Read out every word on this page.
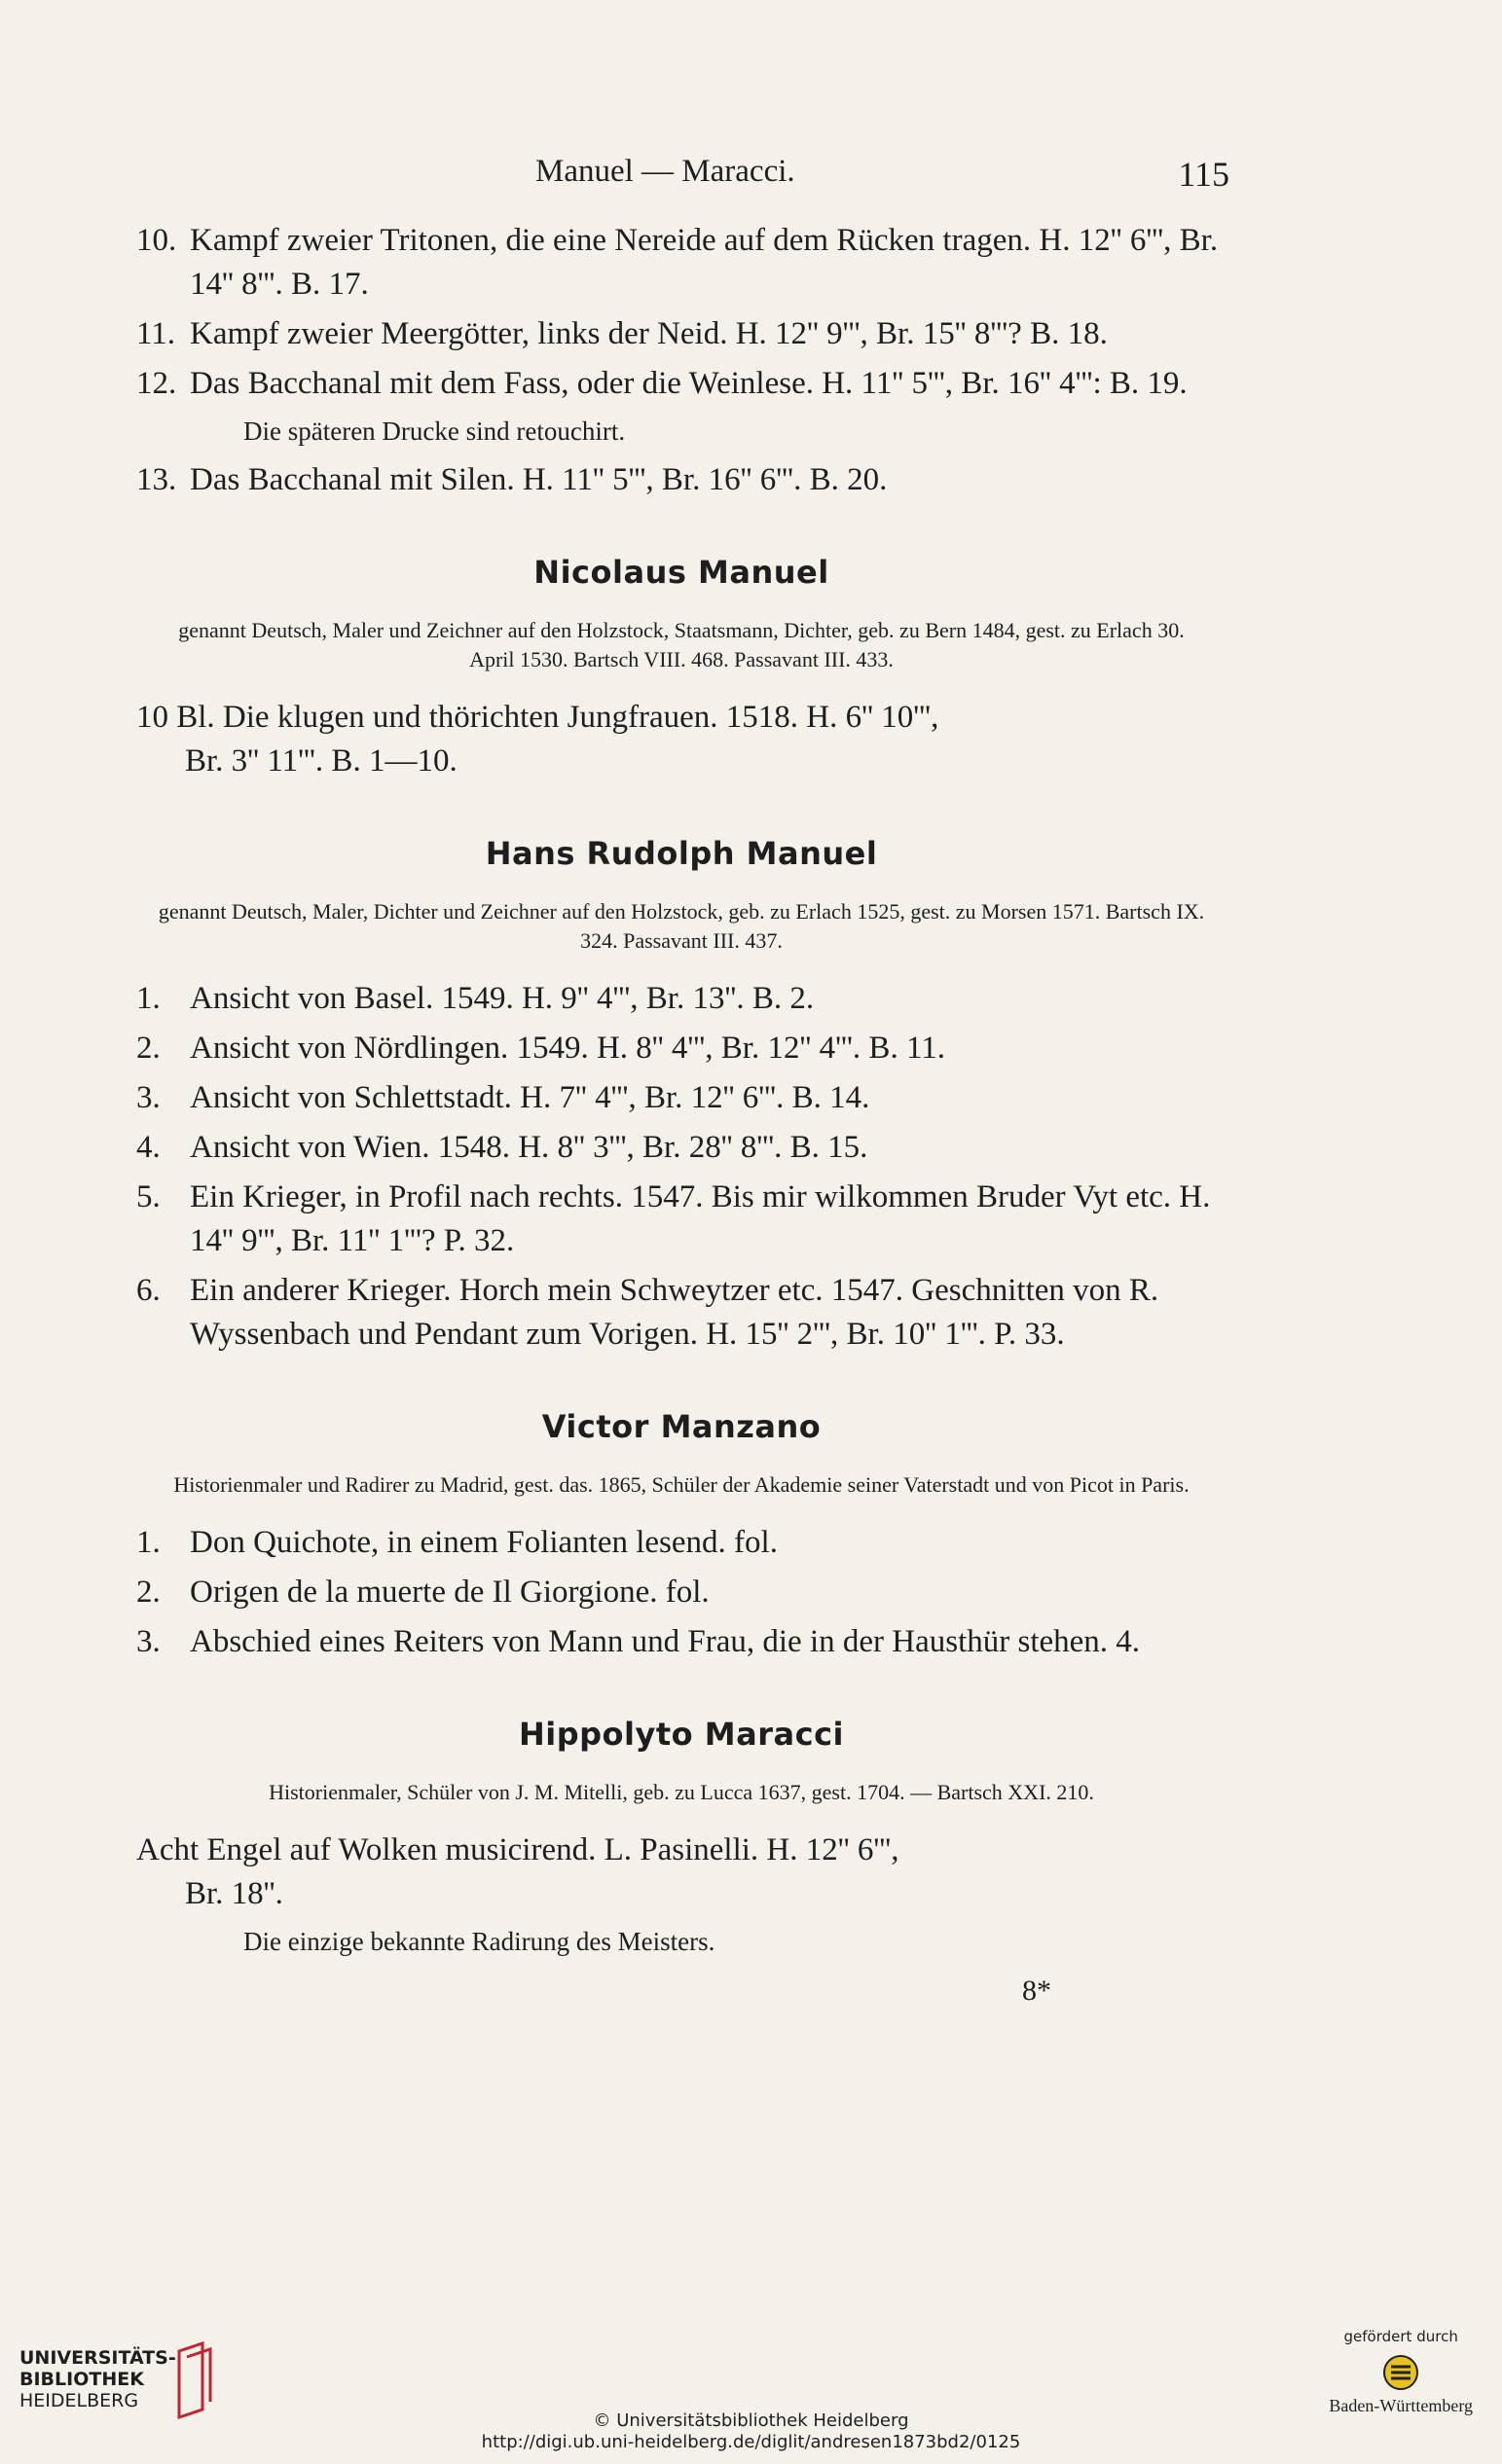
Manuel — Maracci.	115
10. Kampf zweier Tritonen, die eine Nereide auf dem Rücken tragen. H. 12'' 6''', Br. 14'' 8'''. B. 17.
11. Kampf zweier Meergötter, links der Neid. H. 12'' 9''', Br. 15'' 8'''? B. 18.
12. Das Bacchanal mit dem Fass, oder die Weinlese. H. 11'' 5''', Br. 16'' 4''': B. 19.
Die späteren Drucke sind retouchirt.
13. Das Bacchanal mit Silen. H. 11'' 5''', Br. 16'' 6'''. B. 20.
Nicolaus Manuel
genannt Deutsch, Maler und Zeichner auf den Holzstock, Staatsmann, Dichter, geb. zu Bern 1484, gest. zu Erlach 30. April 1530. Bartsch VIII. 468. Passavant III. 433.
10 Bl. Die klugen und thörichten Jungfrauen. 1518. H. 6'' 10''',
Br. 3'' 11'''. B. 1—10.
Hans Rudolph Manuel
genannt Deutsch, Maler, Dichter und Zeichner auf den Holzstock, geb. zu Erlach 1525, gest. zu Morsen 1571. Bartsch IX. 324. Passavant III. 437.
1. Ansicht von Basel. 1549. H. 9'' 4''', Br. 13''. B. 2.
2. Ansicht von Nördlingen. 1549. H. 8'' 4''', Br. 12'' 4'''. B. 11.
3. Ansicht von Schlettstadt. H. 7'' 4''', Br. 12'' 6'''. B. 14.
4. Ansicht von Wien. 1548. H. 8'' 3''', Br. 28'' 8'''. B. 15.
5. Ein Krieger, in Profil nach rechts. 1547. Bis mir wilkommen Bruder Vyt etc. H. 14'' 9''', Br. 11'' 1'''? P. 32.
6. Ein anderer Krieger. Horch mein Schweytzer etc. 1547. Geschnitten von R. Wyssenbach und Pendant zum Vorigen. H. 15'' 2''', Br. 10'' 1'''. P. 33.
Victor Manzano
Historienmaler und Radirer zu Madrid, gest. das. 1865, Schüler der Akademie seiner Vaterstadt und von Picot in Paris.
1. Don Quichote, in einem Folianten lesend. fol.
2. Origen de la muerte de Il Giorgione. fol.
3. Abschied eines Reiters von Mann und Frau, die in der Hausthür stehen. 4.
Hippolyto Maracci
Historienmaler, Schüler von J. M. Mitelli, geb. zu Lucca 1637, gest. 1704. — Bartsch XXI. 210.
Acht Engel auf Wolken musicirend. L. Pasinelli. H. 12'' 6''',
Br. 18''.
Die einzige bekannte Radirung des Meisters.
8*
UNIVERSITÄTS-
BIBLIOTHEK
HEIDELBERG
© Universitätsbibliothek Heidelberg
http://digi.ub.uni-heidelberg.de/diglit/andresen1873bd2/0125
gefördert durch
Baden-Württemberg
